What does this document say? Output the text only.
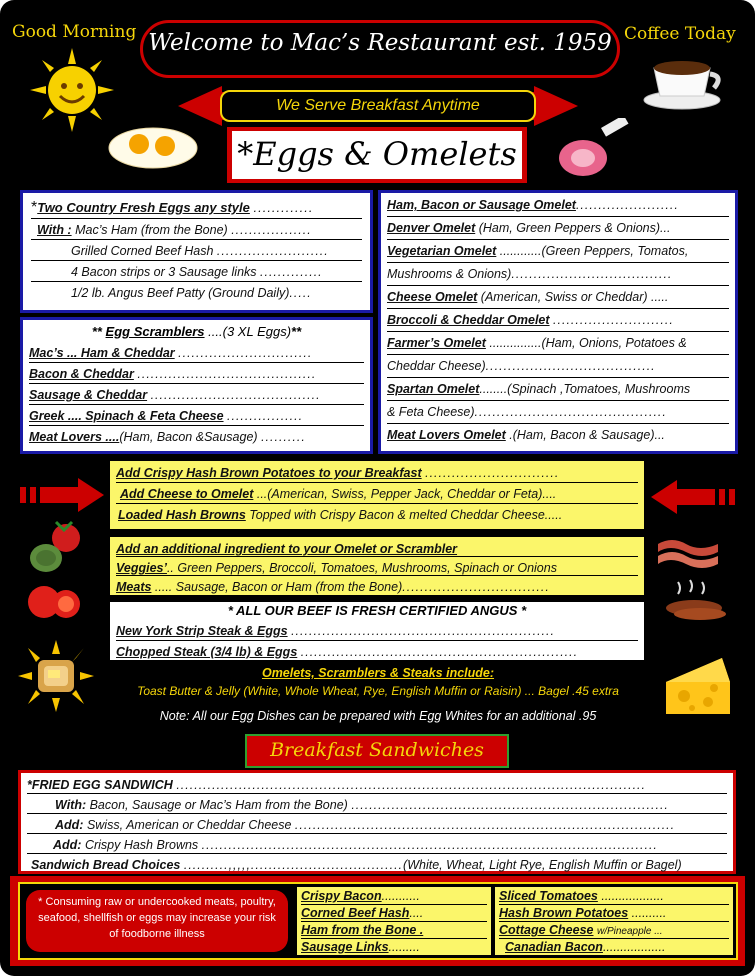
Good Morning	Coffee Today
Welcome to Mac’s Restaurant est. 1959
We Serve Breakfast Anytime
*Eggs & Omelets
*Two Country Fresh Eggs any style .............
With : Mac’s Ham (from the Bone) ..................
Grilled Corned Beef Hash .........................
4 Bacon strips or 3 Sausage links ..............
1/2 lb. Angus Beef Patty (Ground Daily).....
** Egg Scramblers ....(3 XL Eggs)**
Mac’s ... Ham & Cheddar ..............................
Bacon & Cheddar ........................................
Sausage & Cheddar ......................................
Greek .... Spinach & Feta Cheese .................
Meat Lovers ....(Ham, Bacon &Sausage) ..........
Ham, Bacon or Sausage Omelet.......................
Denver Omelet (Ham, Green Peppers & Onions)...
Vegetarian Omelet ............(Green Peppers, Tomatos,
Mushrooms & Onions)....................................
Cheese Omelet (American, Swiss or Cheddar) .....
Broccoli & Cheddar Omelet ...........................
Farmer’s Omelet ...............(Ham, Onions, Potatoes &
Cheddar Cheese)......................................
Spartan Omelet........(Spinach ,Tomatoes, Mushrooms
& Feta Cheese)...........................................
Meat Lovers Omelet .(Ham, Bacon & Sausage)...
Add Crispy Hash Brown Potatoes to your Breakfast ..............................
Add Cheese to Omelet ...(American, Swiss, Pepper Jack, Cheddar or Feta)....
Loaded Hash Browns Topped with Crispy Bacon & melted Cheddar Cheese.....
Add an additional ingredient to your Omelet or Scrambler
Veggies’.. Green Peppers, Broccoli, Tomatoes, Mushrooms, Spinach or Onions
Meats ..... Sausage, Bacon or Ham (from the Bone).................................
* ALL OUR BEEF IS FRESH CERTIFIED ANGUS *
New York Strip Steak & Eggs ...........................................................
Chopped Steak (3/4 lb) & Eggs ..............................................................
Omelets, Scramblers & Steaks include:
Toast Butter & Jelly (White, Whole Wheat, Rye, English Muffin or Raisin) ... Bagel .45 extra
Note: All our Egg Dishes can be prepared with Egg Whites for an additional .95
Breakfast Sandwiches
*FRIED EGG SANDWICH .........................................................................................................
With: Bacon, Sausage or Mac’s Ham from the Bone) .......................................................................
Add: Swiss, American or Cheddar Cheese .....................................................................................
Add: Crispy Hash Browns ......................................................................................................
Sandwich Bread Choices ..........,,,,,..................................(White, Wheat, Light Rye, English Muffin or Bagel)
* Consuming raw or undercooked meats, poultry, seafood, shellfish or eggs may increase your risk of foodborne illness
Crispy Bacon...........
Corned Beef Hash....
Ham from the Bone .
Sausage Links.........
Sliced Tomatoes ..................
Hash Brown Potatoes ..........
Cottage Cheese w/Pineapple ...
Canadian Bacon..................
